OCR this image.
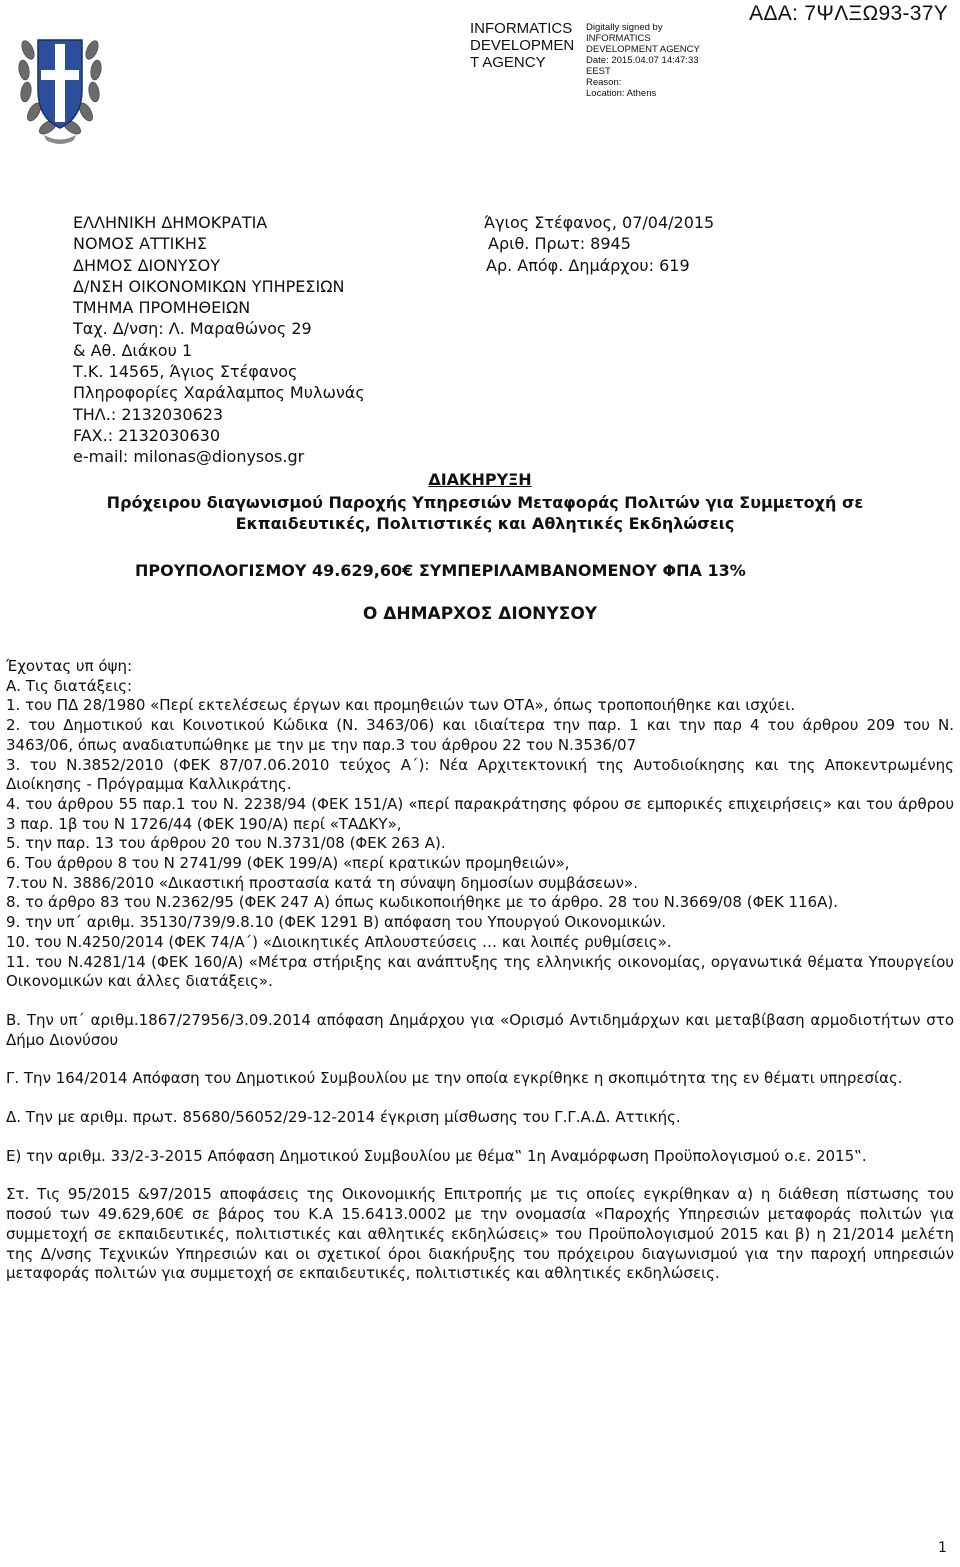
INFORMATICS
DEVELOPMEN
T AGENCY
Digitally signed by
INFORMATICS
DEVELOPMENT AGENCY
Date: 2015.04.07 14:47:33
EEST
Reason:
Location: Athens
ΑΔΑ: 7ΨΛΞΩ93-37Υ
ΕΛΛΗΝΙΚΗ ΔΗΜΟΚΡΑΤΙΑ
ΝΟΜΟΣ ΑΤΤΙΚΗΣ
ΔΗΜΟΣ ΔΙΟΝΥΣΟΥ
Δ/ΝΣΗ ΟΙΚΟΝΟΜΙΚΩΝ ΥΠΗΡΕΣΙΩΝ
ΤΜΗΜΑ ΠΡΟΜΗΘΕΙΩΝ
Ταχ. Δ/νση: Λ. Μαραθώνος 29
& Αθ. Διάκου 1
Τ.Κ. 14565, Άγιος Στέφανος
Πληροφορίες Χαράλαμπος Μυλωνάς
ΤΗΛ.: 2132030623
FAX.: 2132030630
e-mail: milonas@dionysos.gr
Άγιος Στέφανος, 07/04/2015
Αριθ. Πρωτ: 8945
Αρ. Απόφ. Δημάρχου: 619
ΔΙΑΚΗΡΥΞΗ
Πρόχειρου διαγωνισμού Παροχής Υπηρεσιών Μεταφοράς Πολιτών για Συμμετοχή σε Εκπαιδευτικές, Πολιτιστικές και Αθλητικές Εκδηλώσεις
ΠΡΟΥΠΟΛΟΓΙΣΜΟΥ 49.629,60€ ΣΥΜΠΕΡΙΛΑΜΒΑΝΟΜΕΝΟΥ ΦΠΑ 13%
Ο ΔΗΜΑΡΧΟΣ ΔΙΟΝΥΣΟΥ

Έχοντας υπ όψη:

Α. Τις διατάξεις:

1. του ΠΔ 28/1980 «Περί εκτελέσεως έργων και προμηθειών των ΟΤΑ», όπως τροποποιήθηκε και ισχύει.

2. του Δημοτικού και Κοινοτικού Κώδικα (Ν. 3463/06) και ιδιαίτερα την παρ. 1 και την παρ 4 του άρθρου 209 του Ν. 3463/06, όπως αναδιατυπώθηκε με την με την παρ.3 του άρθρου 22 του Ν.3536/07

3. του Ν.3852/2010 (ΦΕΚ 87/07.06.2010 τεύχος Α΄): Νέα Αρχιτεκτονική της Αυτοδιοίκησης και της Αποκεντρωμένης Διοίκησης - Πρόγραμμα Καλλικράτης.

4. του άρθρου 55 παρ.1 του Ν. 2238/94 (ΦΕΚ 151/Α) «περί παρακράτησης φόρου σε εμπορικές επιχειρήσεις» και του άρθρου 3 παρ. 1β του Ν 1726/44 (ΦΕΚ 190/Α) περί «ΤΑΔΚΥ»,

5. την παρ. 13 του άρθρου 20 του Ν.3731/08 (ΦΕΚ 263 Α).

6. Του άρθρου 8 του Ν 2741/99 (ΦΕΚ 199/Α) «περί κρατικών προμηθειών»,

7.του Ν. 3886/2010 «Δικαστική προστασία κατά τη σύναψη δημοσίων συμβάσεων».

8. το άρθρο 83 του Ν.2362/95 (ΦΕΚ 247 Α) όπως κωδικοποιήθηκε με το άρθρο. 28 του Ν.3669/08 (ΦΕΚ 116Α).

9. την υπ΄ αριθμ. 35130/739/9.8.10 (ΦΕΚ 1291 Β) απόφαση του Υπουργού Οικονομικών.

10. του Ν.4250/2014 (ΦΕΚ 74/Α΄) «Διοικητικές Απλουστεύσεις … και λοιπές ρυθμίσεις».

11. του Ν.4281/14 (ΦΕΚ 160/Α) «Μέτρα στήριξης και ανάπτυξης της ελληνικής οικονομίας, οργανωτικά θέματα Υπουργείου Οικονομικών και άλλες διατάξεις».

Β. Την υπ΄ αριθμ.1867/27956/3.09.2014 απόφαση Δημάρχου για «Ορισμό Αντιδημάρχων και μεταβίβαση αρμοδιοτήτων στο Δήμο Διονύσου

Γ. Την 164/2014 Απόφαση του Δημοτικού Συμβουλίου με την οποία εγκρίθηκε η σκοπιμότητα της εν θέματι υπηρεσίας.

Δ. Την με αριθμ. πρωτ. 85680/56052/29-12-2014 έγκριση μίσθωσης του Γ.Γ.Α.Δ. Αττικής.

Ε) την αριθμ. 33/2-3-2015 Απόφαση Δημοτικού Συμβουλίου με θέμα‟ 1η Αναμόρφωση Προϋπολογισμού ο.ε. 2015‟.

Στ. Τις 95/2015 &97/2015 αποφάσεις της Οικονομικής Επιτροπής με τις οποίες εγκρίθηκαν α) η διάθεση πίστωσης του ποσού των 49.629,60€ σε βάρος του Κ.Α 15.6413.0002 με την ονομασία «Παροχής Υπηρεσιών μεταφοράς πολιτών για συμμετοχή σε εκπαιδευτικές, πολιτιστικές και αθλητικές εκδηλώσεις» του Προϋπολογισμού 2015 και β) η 21/2014 μελέτη της Δ/νσης Τεχνικών Υπηρεσιών και οι σχετικοί όροι διακήρυξης του πρόχειρου διαγωνισμού για την παροχή υπηρεσιών μεταφοράς πολιτών για συμμετοχή σε εκπαιδευτικές, πολιτιστικές και αθλητικές εκδηλώσεις.

1
